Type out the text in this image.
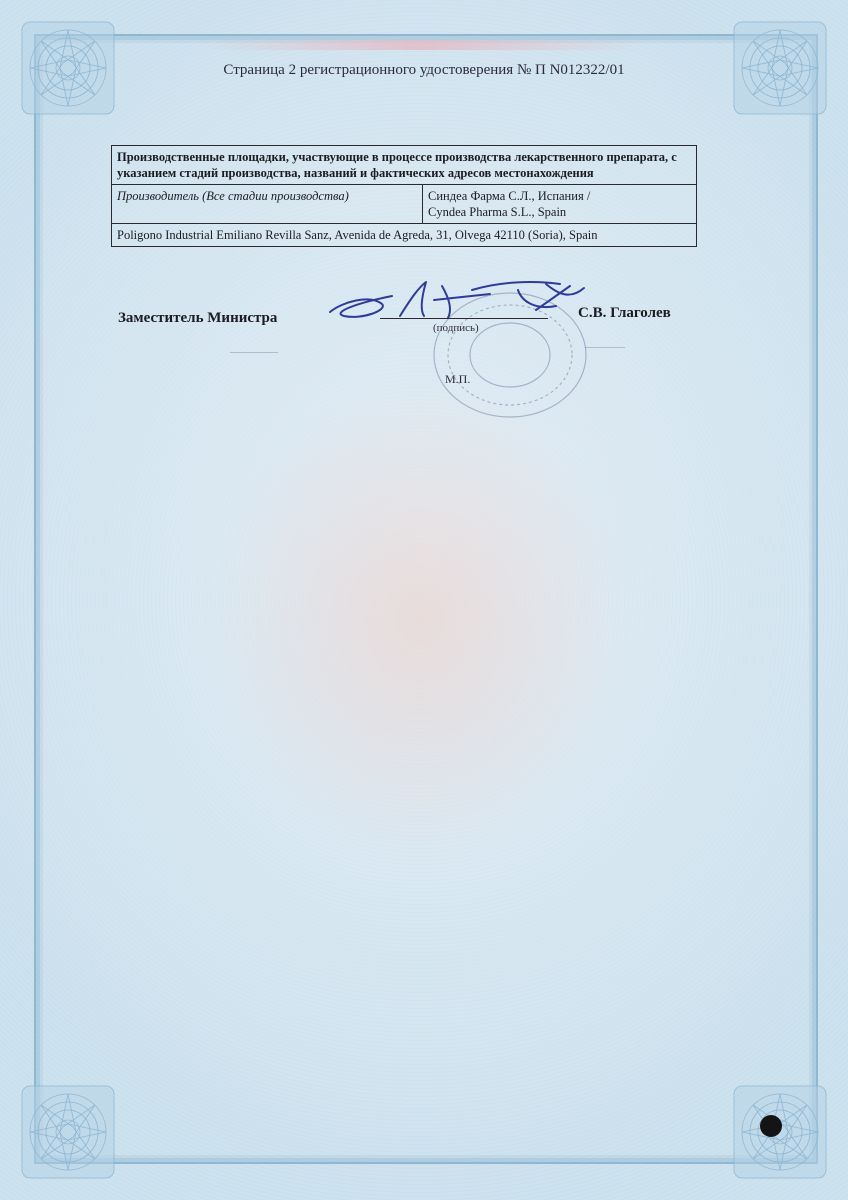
Страница 2 регистрационного удостоверения № П N012322/01
Производственные площадки, участвующие в процессе производства лекарственного препарата, с указанием стадий производства, названий и фактических адресов местонахождения
Производитель (Все стадии производства)	Синдеа Фарма С.Л., Испания /
Cyndea Pharma S.L., Spain

Poligono Industrial Emiliano Revilla Sanz, Avenida de Agreda, 31, Olvega 42110 (Soria), Spain
Заместитель Министра
(подпись)
С.В. Глаголев
М.П.
